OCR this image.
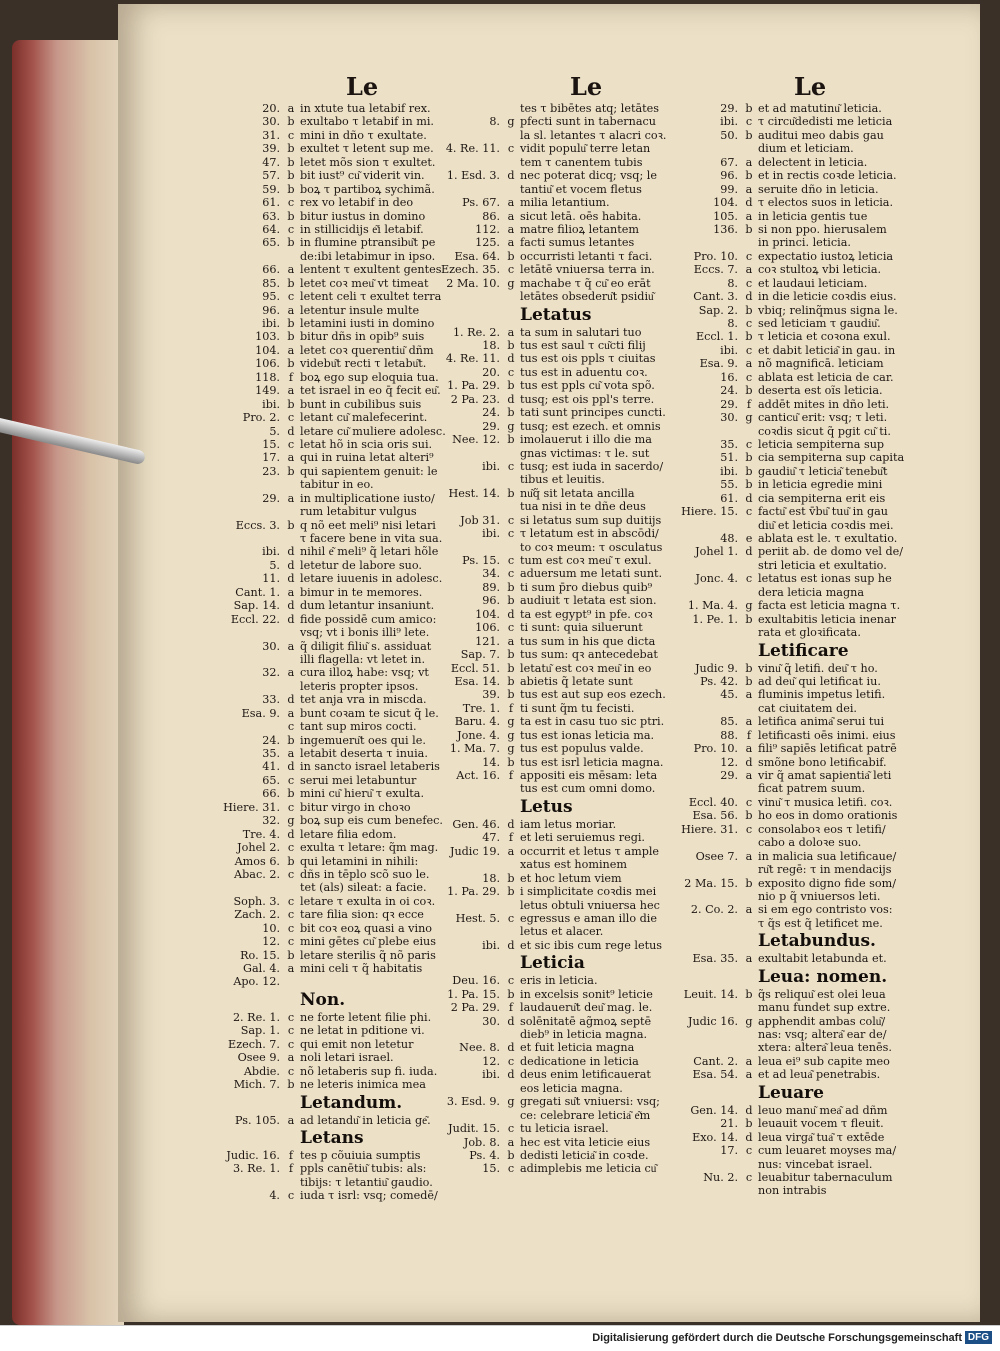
Le	Le	Le
20. a in xtute tua letabif rex.
30. b exultabo τ letabif in mi.
31. c mini in dño τ exultate.
39. b exultet τ letent sup me.
47. b letet mõs sion τ exultet.
57. b bit iust⁹ cu͂ viderit vin.
59. b boꝝ τ partiboꝝ sychimã.
61. c rex vo letabif in deo
63. b bitur iustus in domino
64. c in stillicidijs e͂i letabif.
65. b in flumine ptransibu͂t pe
de:ibi letabimur in ipso.
66. a lentent τ exultent gentes
85. b letet coꝛ meu͂ vt timeat
95. c letent celi τ exultet terra
96. a letentur insule multe
ibi. b letamini iusti in domino
103. b bitur dñs in opib⁹ suis
104. a letet coꝛ querentiu͂ dñm
106. b videbu͂t recti τ letabu͂t.
118. f boꝝ ego sup eloquia tua.
149. a tet israel in eo q̄ fecit eu͂.
ibi. b bunt in cubilibus suis
Pro. 2. c letant cu͂ malefecerint.
5. d letare cu͂ muliere adolesc.
15. c letat hõ in scia oris sui.
17. a qui in ruina letat alteri⁹
23. b qui sapientem genuit: le
tabitur in eo.
29. a in multiplicatione iusto/
rum letabitur vulgus
Eccs. 3. b q nõ eet meli⁹ nisi letari
τ facere bene in vita sua.
ibi. d nihil e͂ meli⁹ q̃ letari hõle
5. d letetur de labore suo.
11. d letare iuuenis in adolesc.
Cant. 1. a bimur in te memores.
Sap. 14. d dum letantur insaniunt.
Eccl. 22. d fide possidē cum amico:
vsq; vt i bonis illi⁹ lete.
30. a q̃ diligit filiu͂ s. assiduat
illi flagella: vt letet in.
32. a cura illoꝝ habe: vsq; vt
leteris propter ipsos.
33. d tet anja vra in miscda.
Esa. 9. a bunt coꝛam te sicut q̃ le.
c tant sup miros cocti.
24. b ingemueru͂t oes qui le.
35. a letabit deserta τ inuia.
41. d in sancto israel letaberis
65. c serui mei letabuntur
66. b mini cu͂ hieru͂ τ exulta.
Hiere. 31. c bitur virgo in choꝛo
32. g boꝝ sup eis cum benefec.
Tre. 4. d letare filia edom.
Johel 2. c exulta τ letare: q̃m mag.
Amos 6. b qui letamini in nihili:
Abac. 2. c dñs in tēplo scõ suo le.
tet (als) sileat: a facie.
Soph. 3. c letare τ exulta in oi coꝛ.
Zach. 2. c tare filia sion: qꝛ ecce
10. c bit coꝛ eoꝝ quasi a vino
12. c mini gētes cu͂ plebe eius
Ro. 15. b letare sterilis q̃ nõ paris
Gal. 4. a mini celi τ q̃ habitatis
Apo. 12.
Non.
2. Re. 1. c ne forte letent filie phi.
Sap. 1. c ne letat in pditione vi.
Ezech. 7. c qui emit non letetur
Osee 9. a noli letari israel.
Abdie. c nõ letaberis sup fi. iuda.
Mich. 7. b ne leteris inimica mea
Letandum.
Ps. 105. a ad letandu͂ in leticia ge͂.
Letans
Judic. 16. f tes p cõuiuia sumptis
3. Re. 1. f ppls canētiu͂ tubis: als:
tibijs: τ letantiu͂ gaudio.
4. c iuda τ isrl: vsq; comedē/
tes τ bibētes atq; letātes
8. g pfecti sunt in tabernacu
la sl. letantes τ alacri coꝛ.
4. Re. 11. c vidit populu͂ terre letan
tem τ canentem tubis
1. Esd. 3. d nec poterat dicq; vsq; le
tantiu͂ et vocem fletus
Ps. 67. a milia letantium.
86. a sicut letā. oēs habita.
112. a matre filioꝝ letantem
125. a facti sumus letantes
Esa. 64. b occurristi letanti τ faci.
Ezech. 35. c letātē vniuersa terra in.
2 Ma. 10. g machabe τ q̃ cu͂ eo erāt
letātes obsederu͂t psidiu͂
Letatus
1. Re. 2. a ta sum in salutari tuo
18. b tus est saul τ cu͂cti filij
4. Re. 11. d tus est ois ppls τ ciuitas
20. c tus est in aduentu coꝛ.
1. Pa. 29. b tus est ppls cu͂ vota spõ.
2 Pa. 23. d tusq; est ois ppl's terre.
24. b tati sunt principes cuncti.
29. g tusq; est ezech. et omnis
Nee. 12. b imolauerut i illo die ma
gnas victimas: τ le. sut
ibi. c tusq; est iuda in sacerdo/
tibus et leuitis.
Hest. 14. b nu͂q̃ sit letata ancilla
tua nisi in te dñe deus
Job 31. c si letatus sum sup duitijs
ibi. c τ letatum est in abscōdi/
to coꝛ meum: τ osculatus
Ps. 15. c tum est coꝛ meu͂ τ exul.
34. c aduersum me letati sunt.
89. b ti sum p̄ro diebus quib⁹
96. b audiuit τ letata est sion.
104. d ta est egypt⁹ in pfe. coꝛ
106. c ti sunt: quia siluerunt
121. a tus sum in his que dicta
Sap. 7. b tus sum: qꝛ antecedebat
Eccl. 51. b letatu͂ est coꝛ meu͂ in eo
Esa. 14. b abietis q̃ letate sunt
39. b tus est aut sup eos ezech.
Tre. 1. f ti sunt q̃m tu fecisti.
Baru. 4. g ta est in casu tuo sic ptri.
Jone. 4. g tus est ionas leticia ma.
1. Ma. 7. g tus est populus valde.
14. b tus est isrl leticia magna.
Act. 16. f appositi eis mēsam: leta
tus est cum omni domo.
Letus
Gen. 46. d iam letus moriar.
47. f et leti seruiemus regi.
Judic 19. a occurrit et letus τ ample
xatus est hominem
18. b et hoc letum viem
1. Pa. 29. b i simplicitate coꝛdis mei
letus obtuli vniuersa hec
Hest. 5. c egressus e aman illo die
letus et alacer.
ibi. d et sic ibis cum rege letus
Leticia
Deu. 16. c eris in leticia.
1. Pa. 15. b in excelsis sonit⁹ leticie
2 Pa. 29. f laudaueru͂t deu͂ mag. le.
30. d solēnitatē ag̃moꝝ septē
dieb⁹ in leticia magna.
Nee. 8. d et fuit leticia magna
12. c dedicatione in leticia
ibi. d deus enim letificauerat
eos leticia magna.
3. Esd. 9. g gregati su͂t vniuersi: vsq;
ce: celebrare leticia͂ e͂m
Judit. 15. c tu leticia israel.
Job. 8. a hec est vita leticie eius
Ps. 4. b dedisti leticia͂ in coꝛde.
15. c adimplebis me leticia cu͂
29. b et ad matutinu͂ leticia.
ibi. c τ circu͂dedisti me leticia
50. b auditui meo dabis gau
dium et leticiam.
67. a delectent in leticia.
96. b et in rectis coꝛde leticia.
99. a seruite dño in leticia.
104. d τ electos suos in leticia.
105. a in leticia gentis tue
136. b si non ppo. hierusalem
in princi. leticia.
Pro. 10. c expectatio iustoꝝ leticia
Eccs. 7. a coꝛ stultoꝝ vbi leticia.
8. c et laudaui leticiam.
Cant. 3. d in die leticie coꝛdis eius.
Sap. 2. b vbiq; relinq̃mus signa le.
8. c sed leticiam τ gaudiu͂.
Eccl. 1. b τ leticia et coꝛona exul.
ibi. c et dabit leticia͂ in gau. in
Esa. 9. a nõ magnificā. leticiam
16. c ablata est leticia de car.
24. b deserta est oĩs leticia.
29. f addēt mites in dño leti.
30. g canticu͂ erit: vsq; τ leti.
coꝛdis sicut q̃ pgit cu͂ ti.
35. c leticia sempiterna sup
51. b cia sempiterna sup capita
ibi. b gaudiu͂ τ leticia͂ tenebu͂t
55. b in leticia egredie mini
61. d cia sempiterna erit eis
Hiere. 15. c factu͂ est v̄bu͂ tuu͂ in gau
diu͂ et leticia coꝛdis mei.
48. e ablata est le. τ exultatio.
Johel 1. d periit ab. de domo vel de/
stri leticia et exultatio.
Jonc. 4. c letatus est ionas sup he
dera leticia magna
1. Ma. 4. g facta est leticia magna τ.
1. Pe. 1. b exultabitis leticia inenar
rata et gloꝛificata.
Letificare
Judic 9. b vinu͂ q̃ letifi. deu͂ τ ho.
Ps. 42. b ad deu͂ qui letificat iu.
45. a fluminis impetus letifi.
cat ciuitatem dei.
85. a letifica anima͂ serui tui
88. f letificasti oēs inimi. eius
Pro. 10. a fili⁹ sapiēs letificat patrē
12. d smõne bono letificabif.
29. a vir q̃ amat sapientia͂ leti
ficat patrem suum.
Eccl. 40. c vinu͂ τ musica letifi. coꝛ.
Esa. 56. b ho eos in domo orationis
Hiere. 31. c consolaboꝛ eos τ letifi/
cabo a doloꝛe suo.
Osee 7. a in malicia sua letificaue/
ru͂t regē: τ in mendacijs
2 Ma. 15. b exposito digno fide som/
nio p q̃ vniuersos leti.
2. Co. 2. a si em ego contristo vos:
τ q̃s est q̃ letificet me.
Letabundus.
Esa. 35. a exultabit letabunda et.
Leua: nomen.
Leuit. 14. b q̃s reliquu͂ est olei leua
manu fundet sup extre.
Judic 16. g apphendit ambas colu͂/
nas: vsq; altera͂ ear de/
xtera: altera͂ leua tenēs.
Cant. 2. a leua ei⁹ sub capite meo
Esa. 54. a et ad leua͂ penetrabis.
Leuare
Gen. 14. d leuo manu͂ mea͂ ad dñm
21. b leuauit vocem τ fleuit.
Exo. 14. d leua virga͂ tua͂ τ extēde
17. c cum leuaret moyses ma/
nus: vincebat israel.
Nu. 2. c leuabitur tabernaculum
non intrabis
Digitalisierung gefördert durch die Deutsche Forschungsgemeinschaft DFG
